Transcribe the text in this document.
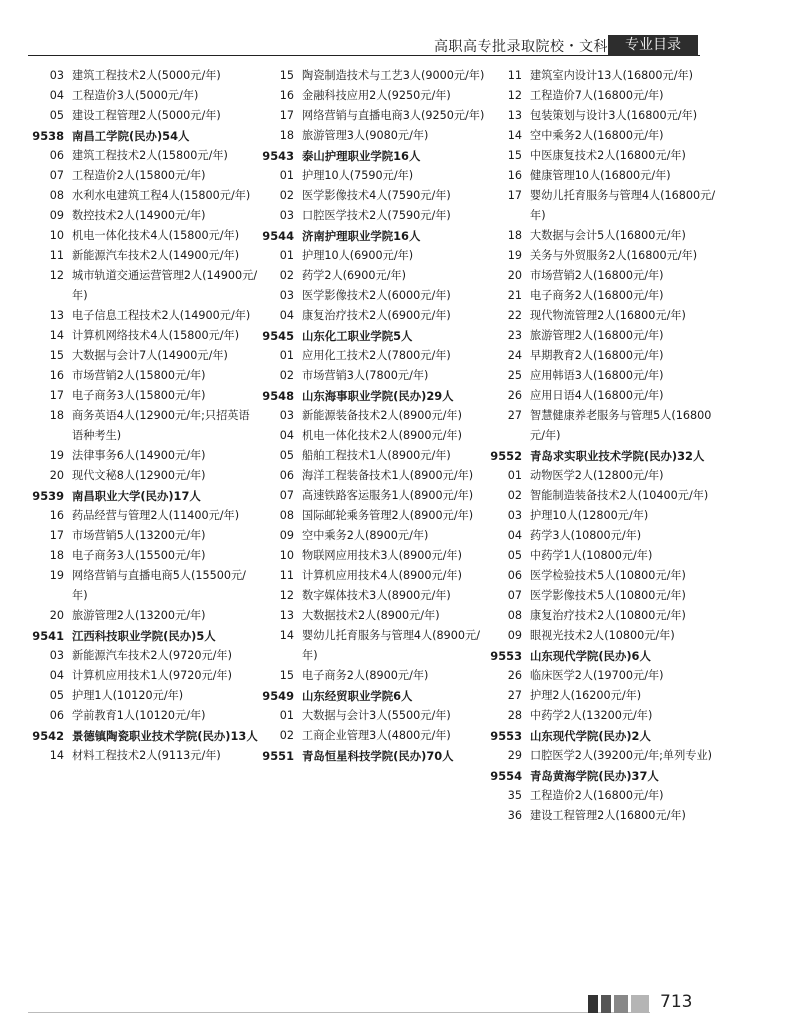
高职高专批录取院校・文科	专业目录
03 建筑工程技术2人(5000元/年)
04 工程造价3人(5000元/年)
05 建设工程管理2人(5000元/年)
9538 南昌工学院(民办)54人
06 建筑工程技术2人(15800元/年)
07 工程造价2人(15800元/年)
08 水利水电建筑工程4人(15800元/年)
09 数控技术2人(14900元/年)
10 机电一体化技术4人(15800元/年)
11 新能源汽车技术2人(14900元/年)
12 城市轨道交通运营管理2人(14900元/年)
13 电子信息工程技术2人(14900元/年)
14 计算机网络技术4人(15800元/年)
15 大数据与会计7人(14900元/年)
16 市场营销2人(15800元/年)
17 电子商务3人(15800元/年)
18 商务英语4人(12900元/年;只招英语语种考生)
19 法律事务6人(14900元/年)
20 现代文秘8人(12900元/年)
9539 南昌职业大学(民办)17人
16 药品经营与管理2人(11400元/年)
17 市场营销5人(13200元/年)
18 电子商务3人(15500元/年)
19 网络营销与直播电商5人(15500元/年)
20 旅游管理2人(13200元/年)
9541 江西科技职业学院(民办)5人
03 新能源汽车技术2人(9720元/年)
04 计算机应用技术1人(9720元/年)
05 护理1人(10120元/年)
06 学前教育1人(10120元/年)
9542 景德镇陶瓷职业技术学院(民办)13人
14 材料工程技术2人(9113元/年)
15 陶瓷制造技术与工艺3人(9000元/年)
16 金融科技应用2人(9250元/年)
17 网络营销与直播电商3人(9250元/年)
18 旅游管理3人(9080元/年)
9543 泰山护理职业学院16人
01 护理10人(7590元/年)
02 医学影像技术4人(7590元/年)
03 口腔医学技术2人(7590元/年)
9544 济南护理职业学院16人
01 护理10人(6900元/年)
02 药学2人(6900元/年)
03 医学影像技术2人(6000元/年)
04 康复治疗技术2人(6900元/年)
9545 山东化工职业学院5人
01 应用化工技术2人(7800元/年)
02 市场营销3人(7800元/年)
9548 山东海事职业学院(民办)29人
03 新能源装备技术2人(8900元/年)
04 机电一体化技术2人(8900元/年)
05 船舶工程技术1人(8900元/年)
06 海洋工程装备技术1人(8900元/年)
07 高速铁路客运服务1人(8900元/年)
08 国际邮轮乘务管理2人(8900元/年)
09 空中乘务2人(8900元/年)
10 物联网应用技术3人(8900元/年)
11 计算机应用技术4人(8900元/年)
12 数字媒体技术3人(8900元/年)
13 大数据技术2人(8900元/年)
14 婴幼儿托育服务与管理4人(8900元/年)
15 电子商务2人(8900元/年)
9549 山东经贸职业学院6人
01 大数据与会计3人(5500元/年)
02 工商企业管理3人(4800元/年)
9551 青岛恒星科技学院(民办)70人
11 建筑室内设计13人(16800元/年)
12 工程造价7人(16800元/年)
13 包装策划与设计3人(16800元/年)
14 空中乘务2人(16800元/年)
15 中医康复技术2人(16800元/年)
16 健康管理10人(16800元/年)
17 婴幼儿托育服务与管理4人(16800元/年)
18 大数据与会计5人(16800元/年)
19 关务与外贸服务2人(16800元/年)
20 市场营销2人(16800元/年)
21 电子商务2人(16800元/年)
22 现代物流管理2人(16800元/年)
23 旅游管理2人(16800元/年)
24 早期教育2人(16800元/年)
25 应用韩语3人(16800元/年)
26 应用日语4人(16800元/年)
27 智慧健康养老服务与管理5人(16800元/年)
9552 青岛求实职业技术学院(民办)32人
01 动物医学2人(12800元/年)
02 智能制造装备技术2人(10400元/年)
03 护理10人(12800元/年)
04 药学3人(10800元/年)
05 中药学1人(10800元/年)
06 医学检验技术5人(10800元/年)
07 医学影像技术5人(10800元/年)
08 康复治疗技术2人(10800元/年)
09 眼视光技术2人(10800元/年)
9553 山东现代学院(民办)6人
26 临床医学2人(19700元/年)
27 护理2人(16200元/年)
28 中药学2人(13200元/年)
9553 山东现代学院(民办)2人
29 口腔医学2人(39200元/年;单列专业)
9554 青岛黄海学院(民办)37人
35 工程造价2人(16800元/年)
36 建设工程管理2人(16800元/年)
713
